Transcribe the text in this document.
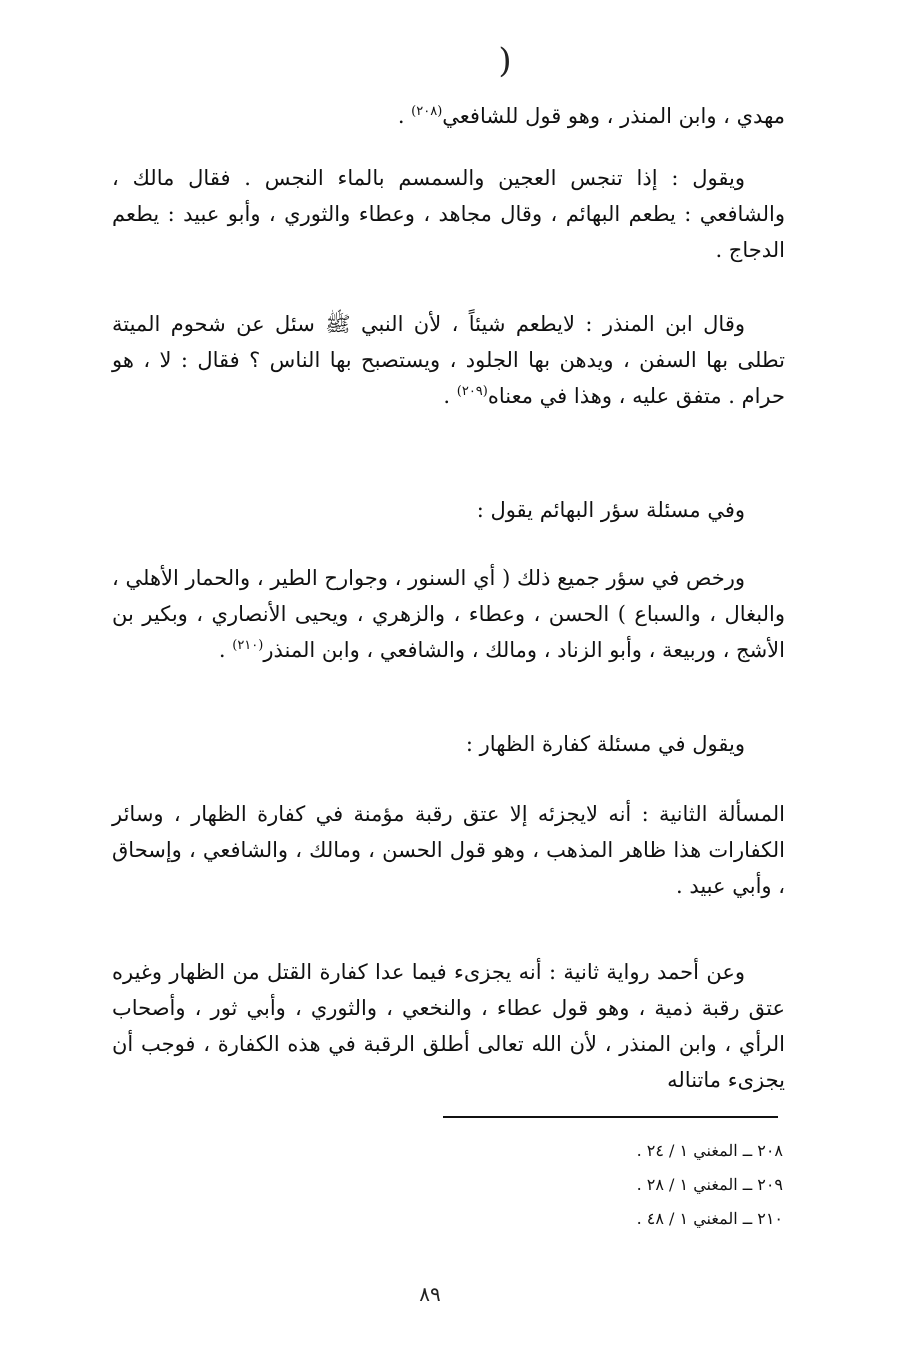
(

مهدي ، وابن المنذر ، وهو قول للشافعي$^{(٢٠٨)}$ .

ويقول : إذا تنجس العجين والسمسم بالماء النجس . فقال مالك ، والشافعي : يطعم البهائم ، وقال مجاهد ، وعطاء والثوري ، وأبو عبيد : يطعم الدجاج .

وقال ابن المنذر : لايطعم شيئاً ، لأن النبي ﷺ سئل عن شحوم الميتة تطلى بها السفن ، ويدهن بها الجلود ، ويستصبح بها الناس ؟ فقال : لا ، هو حرام . متفق عليه ، وهذا في معناه$^{(٢٠٩)}$ .

وفي مسئلة سؤر البهائم يقول :

ورخص في سؤر جميع ذلك ( أي السنور ، وجوارح الطير ، والحمار الأهلي ، والبغال ، والسباع ) الحسن ، وعطاء ، والزهري ، ويحيى الأنصاري ، وبكير بن الأشج ، وربيعة ، وأبو الزناد ، ومالك ، والشافعي ، وابن المنذر$^{(٢١٠)}$ .

ويقول في مسئلة كفارة الظهار :

المسألة الثانية : أنه لايجزئه إلا عتق رقبة مؤمنة في كفارة الظهار ، وسائر الكفارات هذا ظاهر المذهب ، وهو قول الحسن ، ومالك ، والشافعي ، وإسحاق ، وأبي عبيد .

وعن أحمد رواية ثانية : أنه يجزىء فيما عدا كفارة القتل من الظهار وغيره عتق رقبة ذمية ، وهو قول عطاء ، والنخعي ، والثوري ، وأبي ثور ، وأصحاب الرأي ، وابن المنذر ، لأن الله تعالى أطلق الرقبة في هذه الكفارة ، فوجب أن يجزىء ماتناله

٢٠٨ ــ المغني ١ / ٢٤ .
٢٠٩ ــ المغني ١ / ٢٨ .
٢١٠ ــ المغني ١ / ٤٨ .
٨٩
